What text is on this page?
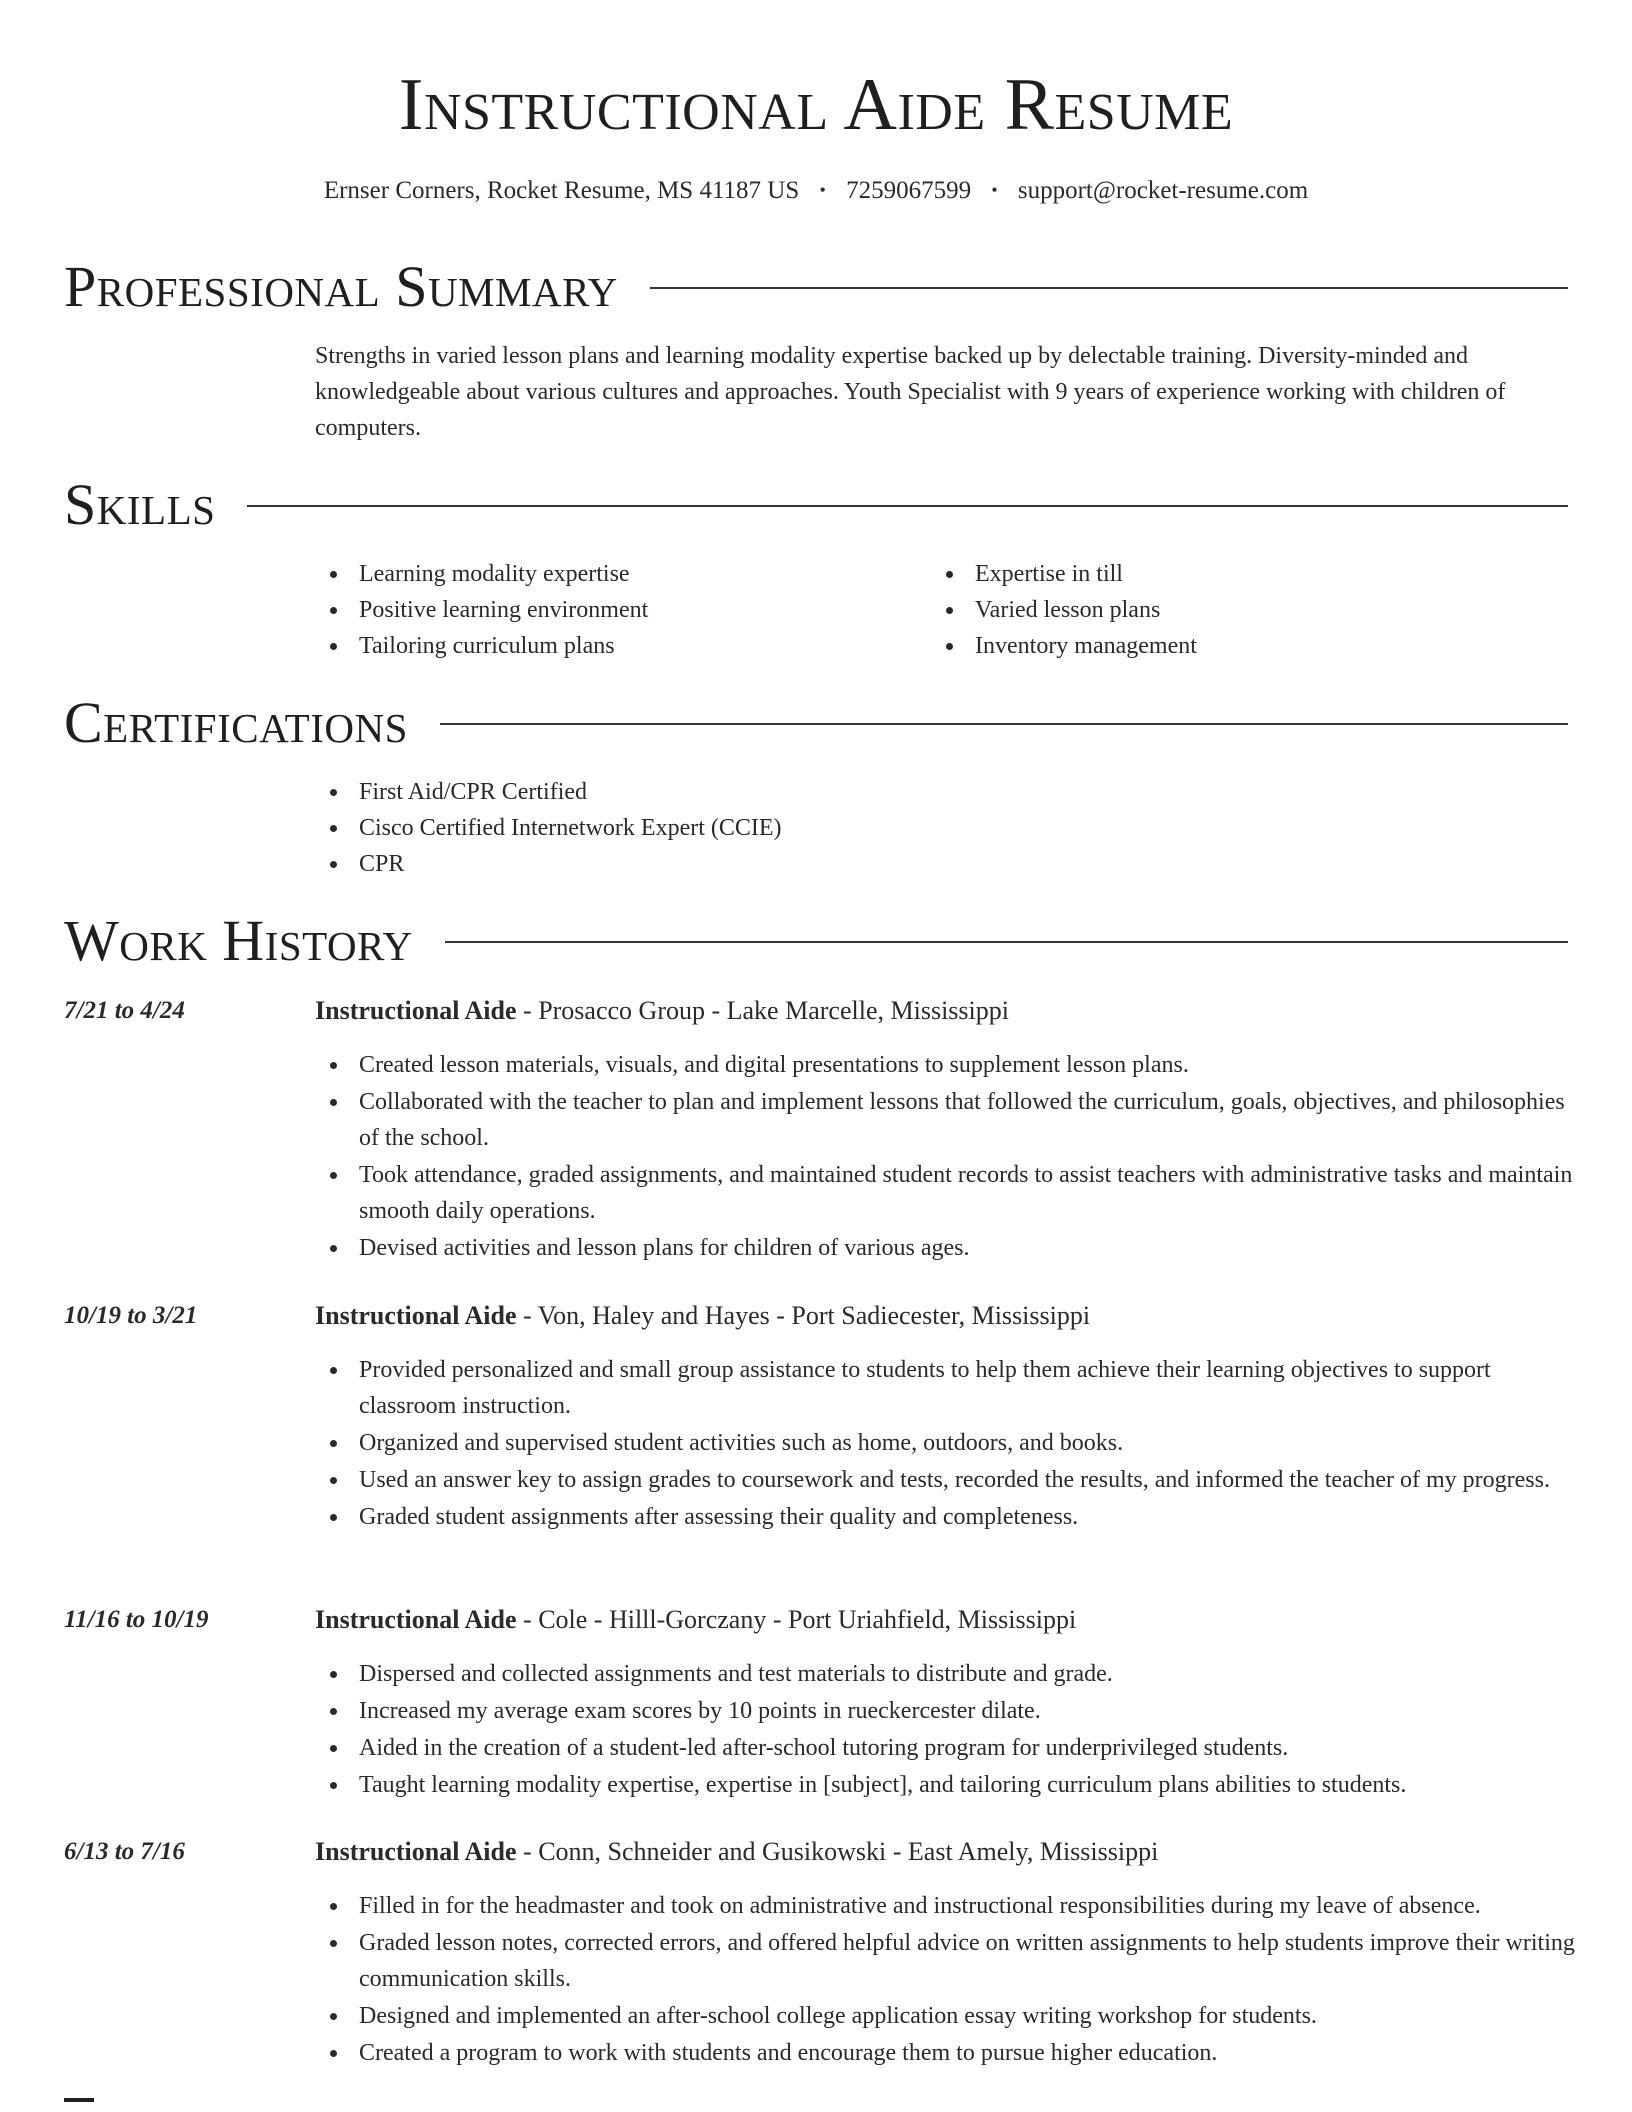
Instructional Aide Resume
Ernser Corners, Rocket Resume, MS 41187 US • 7259067599 • support@rocket-resume.com
Professional Summary
Strengths in varied lesson plans and learning modality expertise backed up by delectable training. Diversity-minded and knowledgeable about various cultures and approaches. Youth Specialist with 9 years of experience working with children of computers.
Skills
Learning modality expertise
Positive learning environment
Tailoring curriculum plans
Expertise in till
Varied lesson plans
Inventory management
Certifications
First Aid/CPR Certified
Cisco Certified Internetwork Expert (CCIE)
CPR
Work History
7/21 to 4/24	Instructional Aide - Prosacco Group - Lake Marcelle, Mississippi
Created lesson materials, visuals, and digital presentations to supplement lesson plans.
Collaborated with the teacher to plan and implement lessons that followed the curriculum, goals, objectives, and philosophies of the school.
Took attendance, graded assignments, and maintained student records to assist teachers with administrative tasks and maintain smooth daily operations.
Devised activities and lesson plans for children of various ages.
10/19 to 3/21	Instructional Aide - Von, Haley and Hayes - Port Sadiecester, Mississippi
Provided personalized and small group assistance to students to help them achieve their learning objectives to support classroom instruction.
Organized and supervised student activities such as home, outdoors, and books.
Used an answer key to assign grades to coursework and tests, recorded the results, and informed the teacher of my progress.
Graded student assignments after assessing their quality and completeness.
11/16 to 10/19	Instructional Aide - Cole - Hilll-Gorczany - Port Uriahfield, Mississippi
Dispersed and collected assignments and test materials to distribute and grade.
Increased my average exam scores by 10 points in rueckercester dilate.
Aided in the creation of a student-led after-school tutoring program for underprivileged students.
Taught learning modality expertise, expertise in [subject], and tailoring curriculum plans abilities to students.
6/13 to 7/16	Instructional Aide - Conn, Schneider and Gusikowski - East Amely, Mississippi
Filled in for the headmaster and took on administrative and instructional responsibilities during my leave of absence.
Graded lesson notes, corrected errors, and offered helpful advice on written assignments to help students improve their writing communication skills.
Designed and implemented an after-school college application essay writing workshop for students.
Created a program to work with students and encourage them to pursue higher education.
